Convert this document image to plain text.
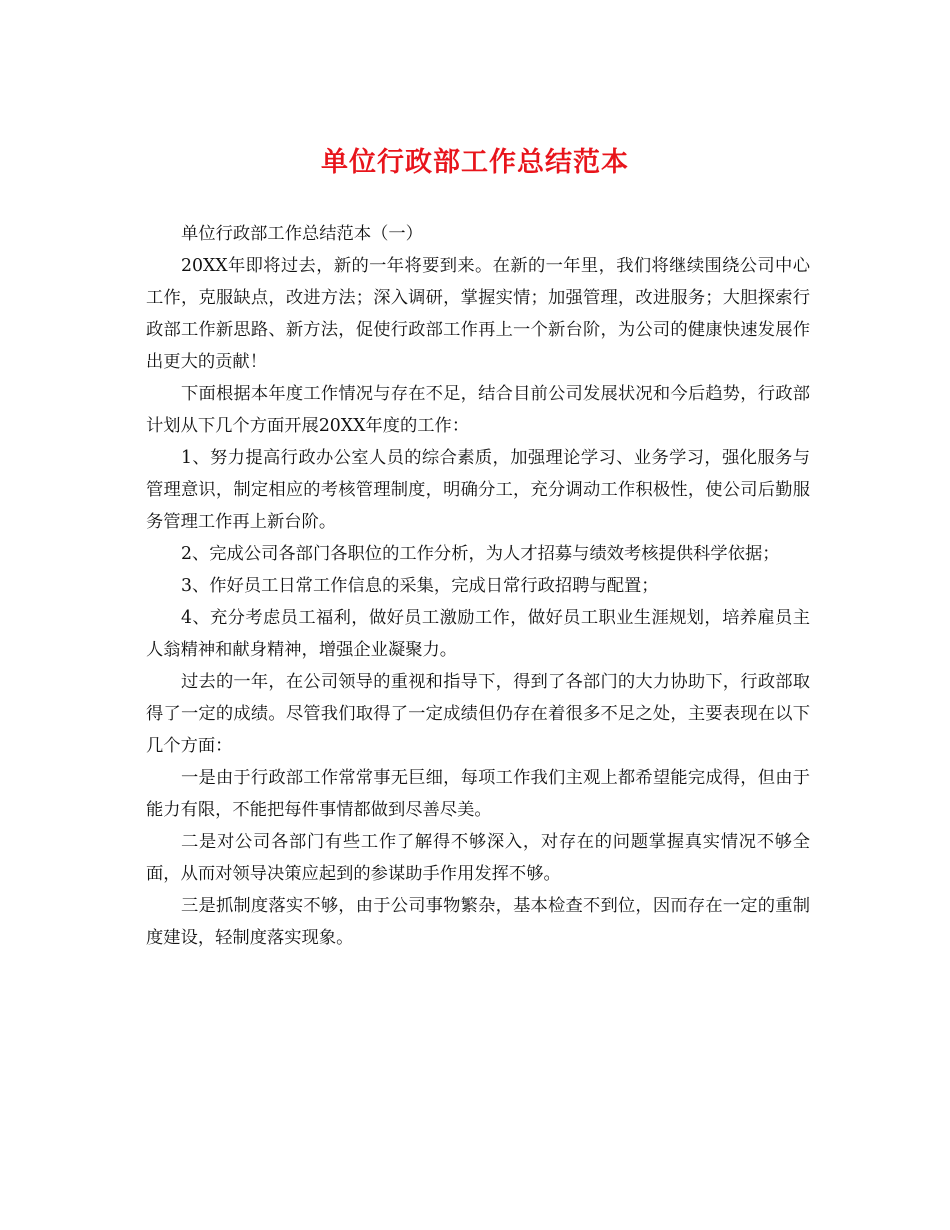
单位行政部工作总结范本

单位行政部工作总结范本（一）

20XX年即将过去，新的一年将要到来。在新的一年里，我们将继续围绕公司中心工作，克服缺点，改进方法；深入调研，掌握实情；加强管理，改进服务；大胆探索行政部工作新思路、新方法，促使行政部工作再上一个新台阶，为公司的健康快速发展作出更大的贡献！

下面根据本年度工作情况与存在不足，结合目前公司发展状况和今后趋势，行政部计划从下几个方面开展20XX年度的工作：

1、努力提高行政办公室人员的综合素质，加强理论学习、业务学习，强化服务与管理意识，制定相应的考核管理制度，明确分工，充分调动工作积极性，使公司后勤服务管理工作再上新台阶。

2、完成公司各部门各职位的工作分析，为人才招募与绩效考核提供科学依据；

3、作好员工日常工作信息的采集，完成日常行政招聘与配置；

4、充分考虑员工福利，做好员工激励工作，做好员工职业生涯规划，培养雇员主人翁精神和献身精神，增强企业凝聚力。

过去的一年，在公司领导的重视和指导下，得到了各部门的大力协助下，行政部取得了一定的成绩。尽管我们取得了一定成绩但仍存在着很多不足之处，主要表现在以下几个方面：

一是由于行政部工作常常事无巨细，每项工作我们主观上都希望能完成得，但由于能力有限，不能把每件事情都做到尽善尽美。

二是对公司各部门有些工作了解得不够深入，对存在的问题掌握真实情况不够全面，从而对领导决策应起到的参谋助手作用发挥不够。

三是抓制度落实不够，由于公司事物繁杂，基本检查不到位，因而存在一定的重制度建设，轻制度落实现象。
